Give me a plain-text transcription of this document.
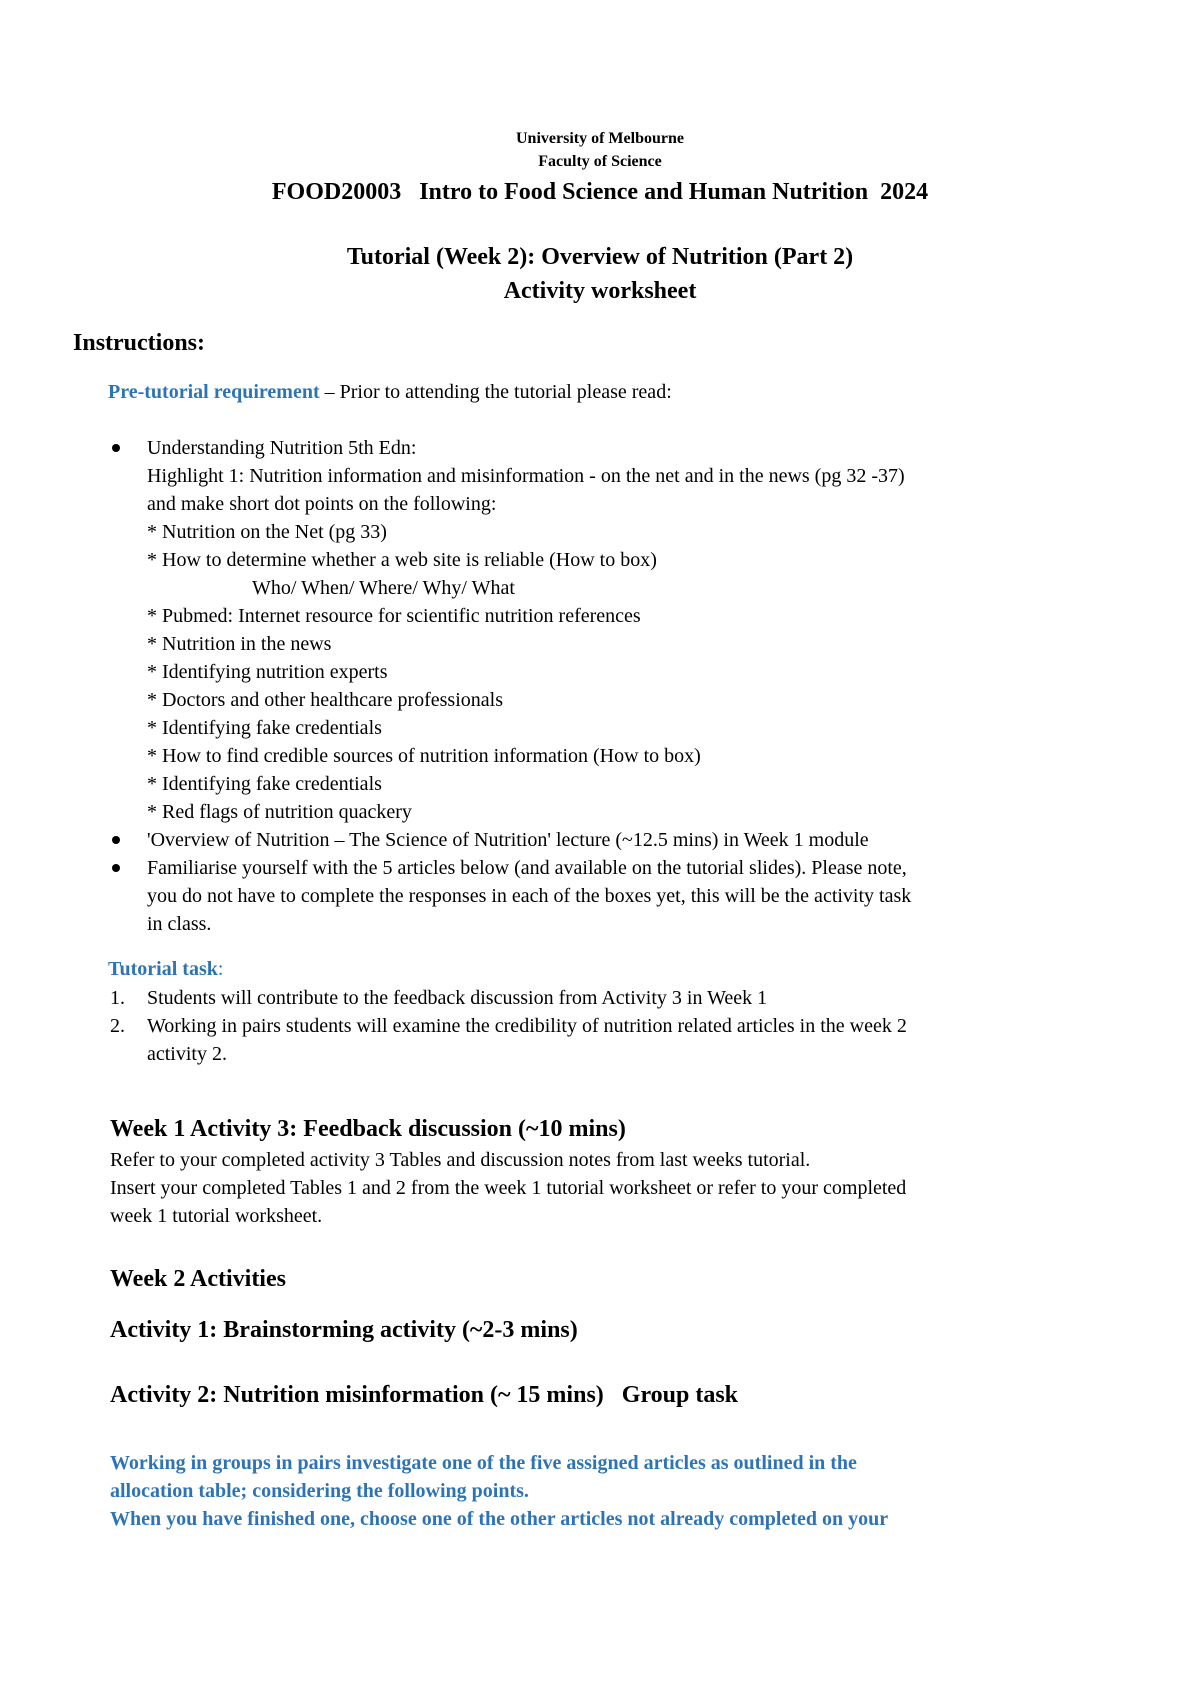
University of Melbourne
Faculty of Science
FOOD20003   Intro to Food Science and Human Nutrition  2024
Tutorial (Week 2): Overview of Nutrition (Part 2)
Activity worksheet
Instructions:
Pre-tutorial requirement – Prior to attending the tutorial please read:
Understanding Nutrition 5th Edn:
Highlight 1: Nutrition information and misinformation - on the net and in the news (pg 32 -37)
and make short dot points on the following:
* Nutrition on the Net (pg 33)
* How to determine whether a web site is reliable (How to box)
Who/ When/ Where/ Why/ What
* Pubmed: Internet resource for scientific nutrition references
* Nutrition in the news
* Identifying nutrition experts
* Doctors and other healthcare professionals
* Identifying fake credentials
* How to find credible sources of nutrition information (How to box)
* Identifying fake credentials
* Red flags of nutrition quackery
'Overview of Nutrition – The Science of Nutrition' lecture (~12.5 mins) in Week 1 module
Familiarise yourself with the 5 articles below (and available on the tutorial slides). Please note,
you do not have to complete the responses in each of the boxes yet, this will be the activity task
in class.
Tutorial task:
1. Students will contribute to the feedback discussion from Activity 3 in Week 1
2. Working in pairs students will examine the credibility of nutrition related articles in the week 2
activity 2.
Week 1 Activity 3: Feedback discussion (~10 mins)
Refer to your completed activity 3 Tables and discussion notes from last weeks tutorial.
Insert your completed Tables 1 and 2 from the week 1 tutorial worksheet or refer to your completed
week 1 tutorial worksheet.
Week 2 Activities
Activity 1: Brainstorming activity (~2-3 mins)
Activity 2: Nutrition misinformation (~ 15 mins)   Group task
Working in groups in pairs investigate one of the five assigned articles as outlined in the
allocation table; considering the following points.
When you have finished one, choose one of the other articles not already completed on your
